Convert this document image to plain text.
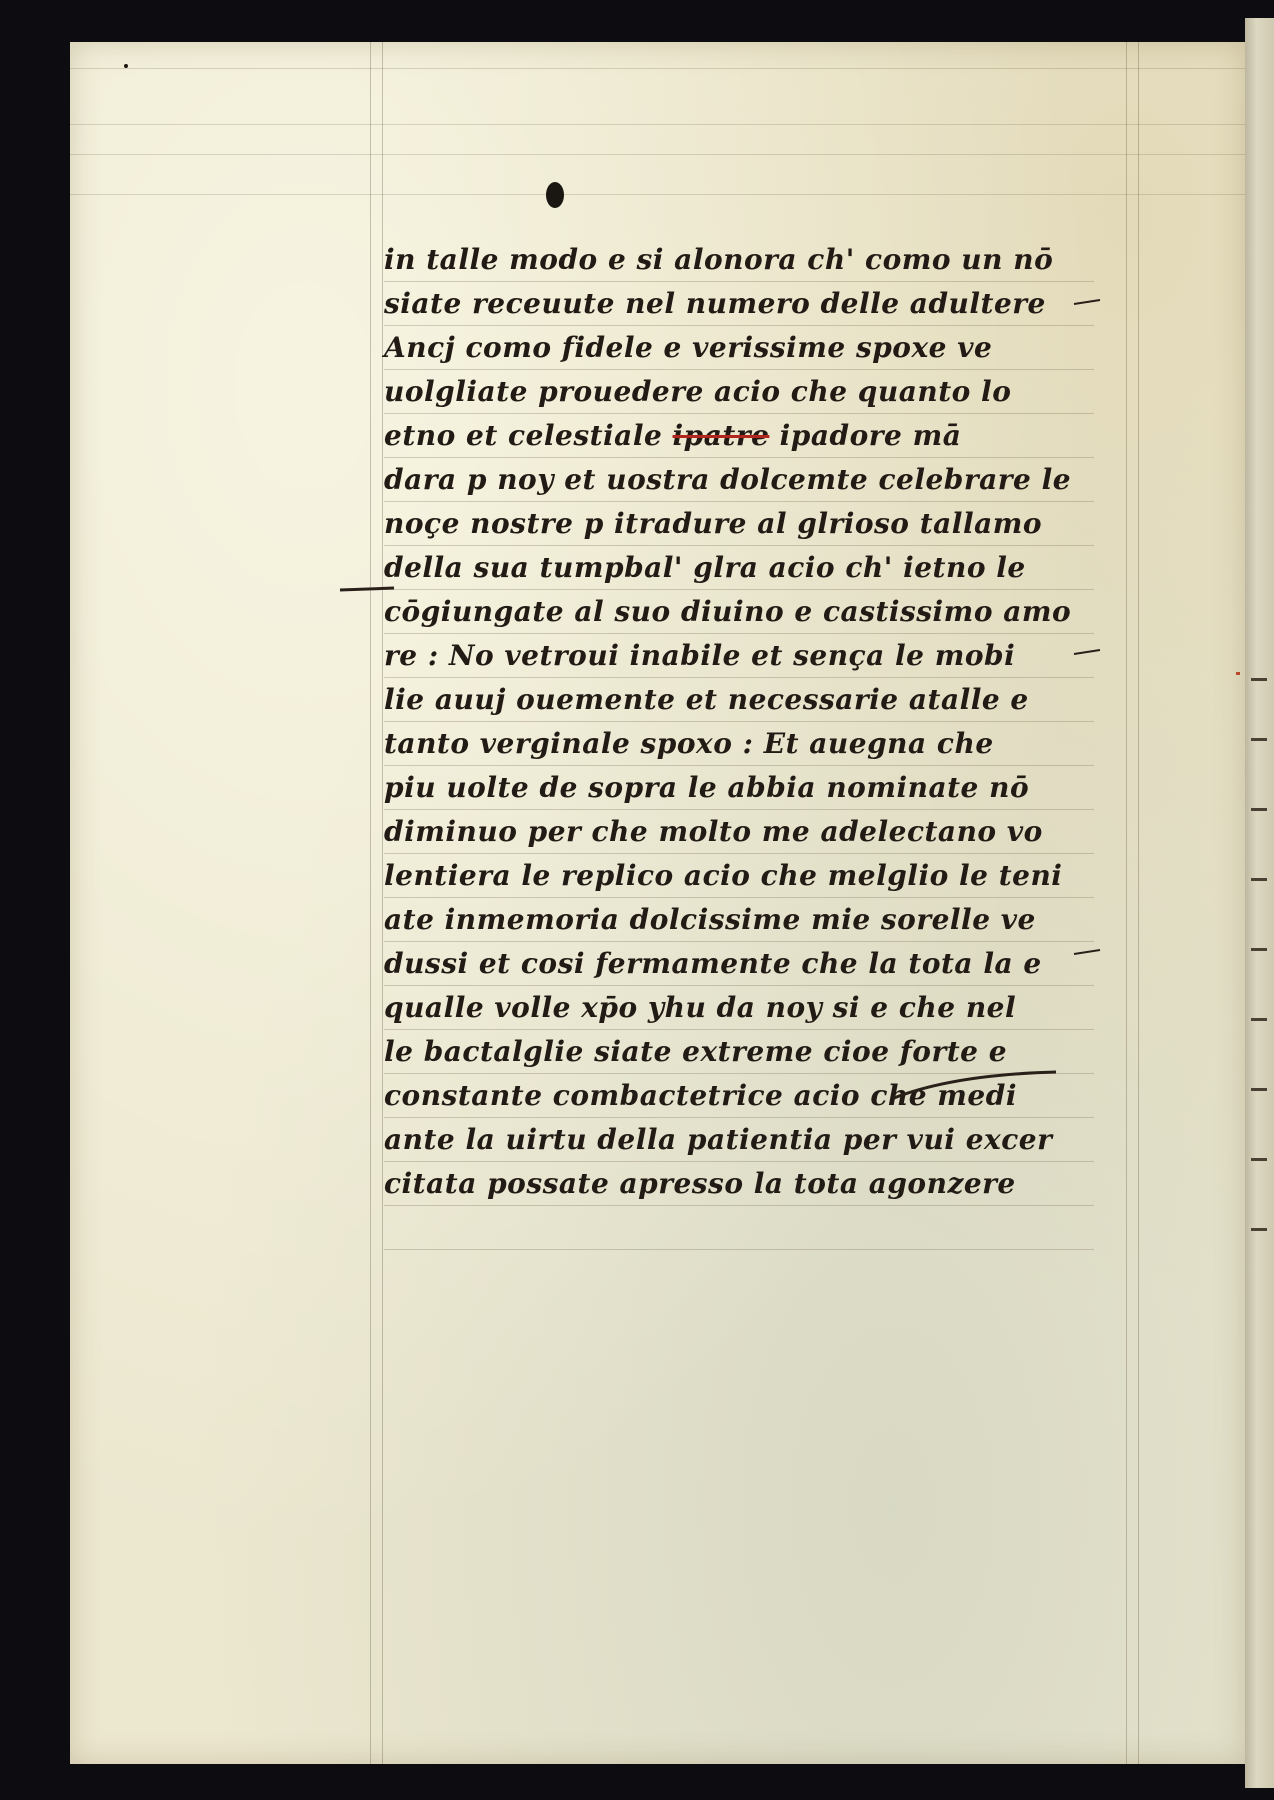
in talle modo e si alonora ch' como un nō
siate receuute nel numero delle adultere
Ancj como fidele e verissime spoxe ve
uolgliate prouedere acio che quanto lo
etno et celestiale ipatre ipadore mā
dara p noy et uostra dolcemte celebrare le
noçe nostre p itradure al glrioso tallamo
della sua tumpbal' glra acio ch' ietno le
cōgiungate al suo diuino e castissimo amo
re : No vetroui inabile et sença le mobi
lie auuj ouemente et necessarie atalle e
tanto verginale spoxo : Et auegna che
piu uolte de sopra le abbia nominate nō
diminuo per che molto me adelectano vo
lentiera le replico acio che melglio le teni
ate inmemoria dolcissime mie sorelle ve
dussi et cosi fermamente che la tota la e
qualle volle xp̄o yhu da noy si e che nel
le bactalglie siate extreme cioe forte e
constante combactetrice acio che medi
ante la uirtu della patientia per vui excer
citata possate apresso la tota agonzere
